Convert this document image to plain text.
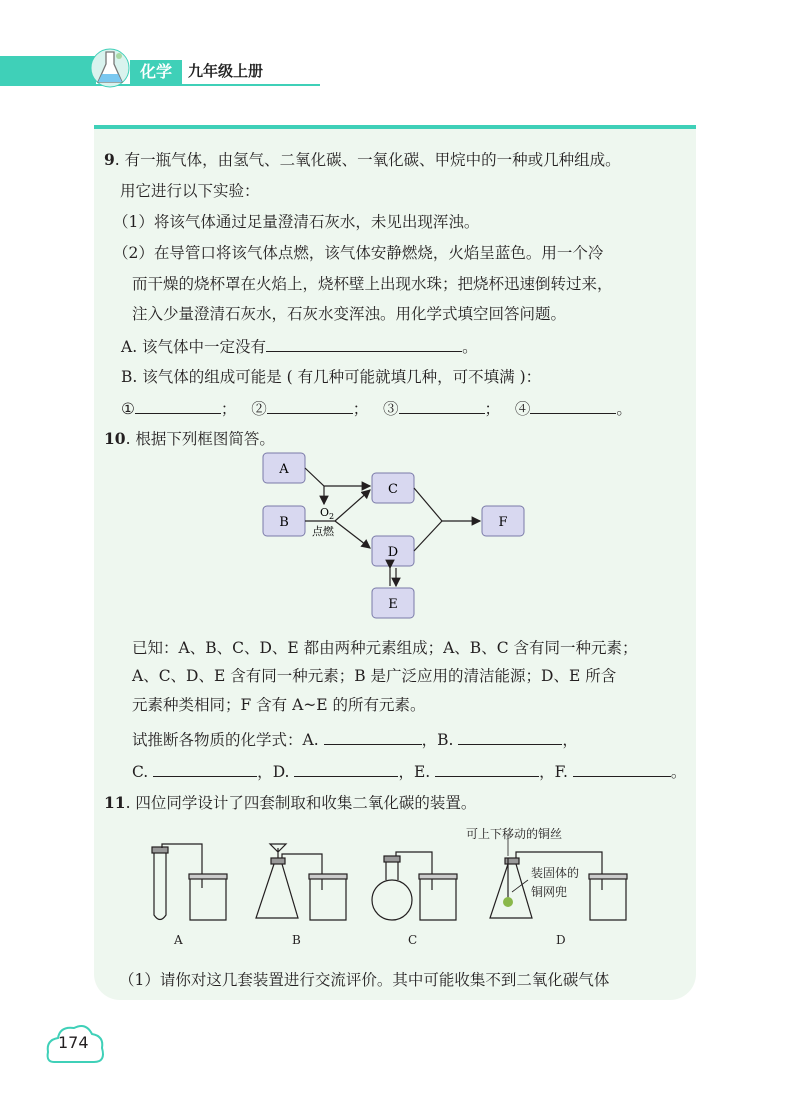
化学	九年级上册
9. 有一瓶气体，由氢气、二氧化碳、一氧化碳、甲烷中的一种或几种组成。
用它进行以下实验：
（1）将该气体通过足量澄清石灰水，未见出现浑浊。
（2）在导管口将该气体点燃，该气体安静燃烧，火焰呈蓝色。用一个冷
而干燥的烧杯罩在火焰上，烧杯壁上出现水珠；把烧杯迅速倒转过来，
注入少量澄清石灰水，石灰水变浑浊。用化学式填空回答问题。
A. 该气体中一定没有	。
B. 该气体的组成可能是 ( 有几种可能就填几种，可不填满 )：
①	； ②	； ③	； ④	。
10. 根据下列框图简答。
A
B
C
D
E
F
$O_2$
点燃
已知：A、B、C、D、E 都由两种元素组成；A、B、C 含有同一种元素；
A、C、D、E 含有同一种元素；B 是广泛应用的清洁能源；D、E 所含
元素种类相同；F 含有 A~E 的所有元素。
试推断各物质的化学式：A.	，B.	，
C.	，D.	，E.	，F.	。
11. 四位同学设计了四套制取和收集二氧化碳的装置。
可上下移动的铜丝
装固体的
铜网兜
A	B	C	D
（1）请你对这几套装置进行交流评价。其中可能收集不到二氧化碳气体
174
